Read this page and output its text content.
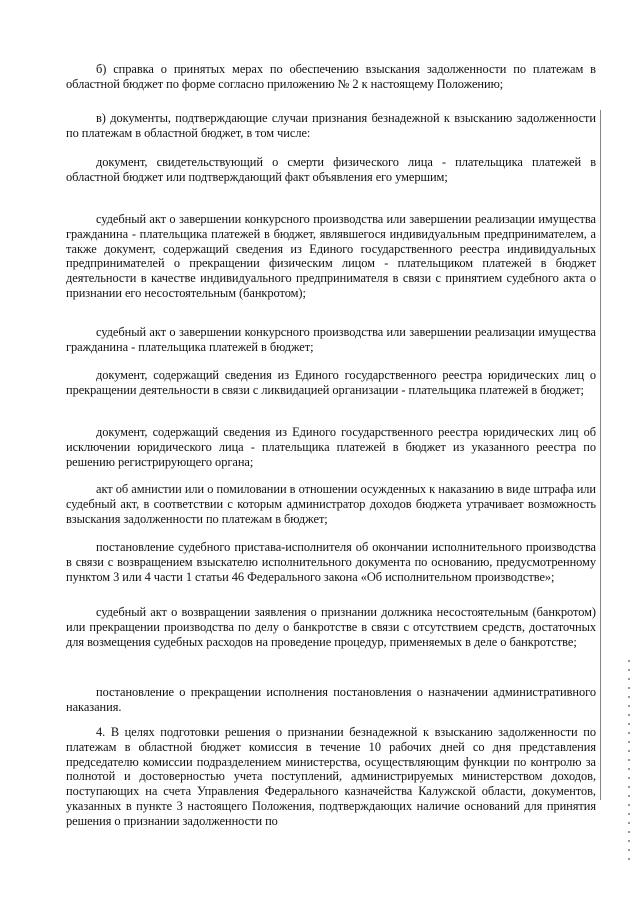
б) справка о принятых мерах по обеспечению взыскания задолженности по платежам в областной бюджет по форме согласно приложению № 2 к настоящему Положению;

в) документы, подтверждающие случаи признания безнадежной к взысканию задолженности по платежам в областной бюджет, в том числе:

документ, свидетельствующий о смерти физического лица - плательщика платежей в областной бюджет или подтверждающий факт объявления его умершим;

судебный акт о завершении конкурсного производства или завершении реализации имущества гражданина - плательщика платежей в бюджет, являвшегося индивидуальным предпринимателем, а также документ, содержащий сведения из Единого государственного реестра индивидуальных предпринимателей о прекращении физическим лицом - плательщиком платежей в бюджет деятельности в качестве индивидуального предпринимателя в связи с принятием судебного акта о признании его несостоятельным (банкротом);

судебный акт о завершении конкурсного производства или завершении реализации имущества гражданина - плательщика платежей в бюджет;

документ, содержащий сведения из Единого государственного реестра юридических лиц о прекращении деятельности в связи с ликвидацией организации - плательщика платежей в бюджет;

документ, содержащий сведения из Единого государственного реестра юридических лиц об исключении юридического лица - плательщика платежей в бюджет из указанного реестра по решению регистрирующего органа;

акт об амнистии или о помиловании в отношении осужденных к наказанию в виде штрафа или судебный акт, в соответствии с которым администратор доходов бюджета утрачивает возможность взыскания задолженности по платежам в бюджет;

постановление судебного пристава-исполнителя об окончании исполнительного производства в связи с возвращением взыскателю исполнительного документа по основанию, предусмотренному пунктом 3 или 4 части 1 статьи 46 Федерального закона «Об исполнительном производстве»;

судебный акт о возвращении заявления о признании должника несостоятельным (банкротом) или прекращении производства по делу о банкротстве в связи с отсутствием средств, достаточных для возмещения судебных расходов на проведение процедур, применяемых в деле о банкротстве;

постановление о прекращении исполнения постановления о назначении административного наказания.

4. В целях подготовки решения о признании безнадежной к взысканию задолженности по платежам в областной бюджет комиссия в течение 10 рабочих дней со дня представления председателю комиссии подразделением министерства, осуществляющим функции по контролю за полнотой и достоверностью учета поступлений, администрируемых министерством доходов, поступающих на счета Управления Федерального казначейства Калужской области, документов, указанных в пункте 3 настоящего Положения, подтверждающих наличие оснований для принятия решения о признании задолженности по
